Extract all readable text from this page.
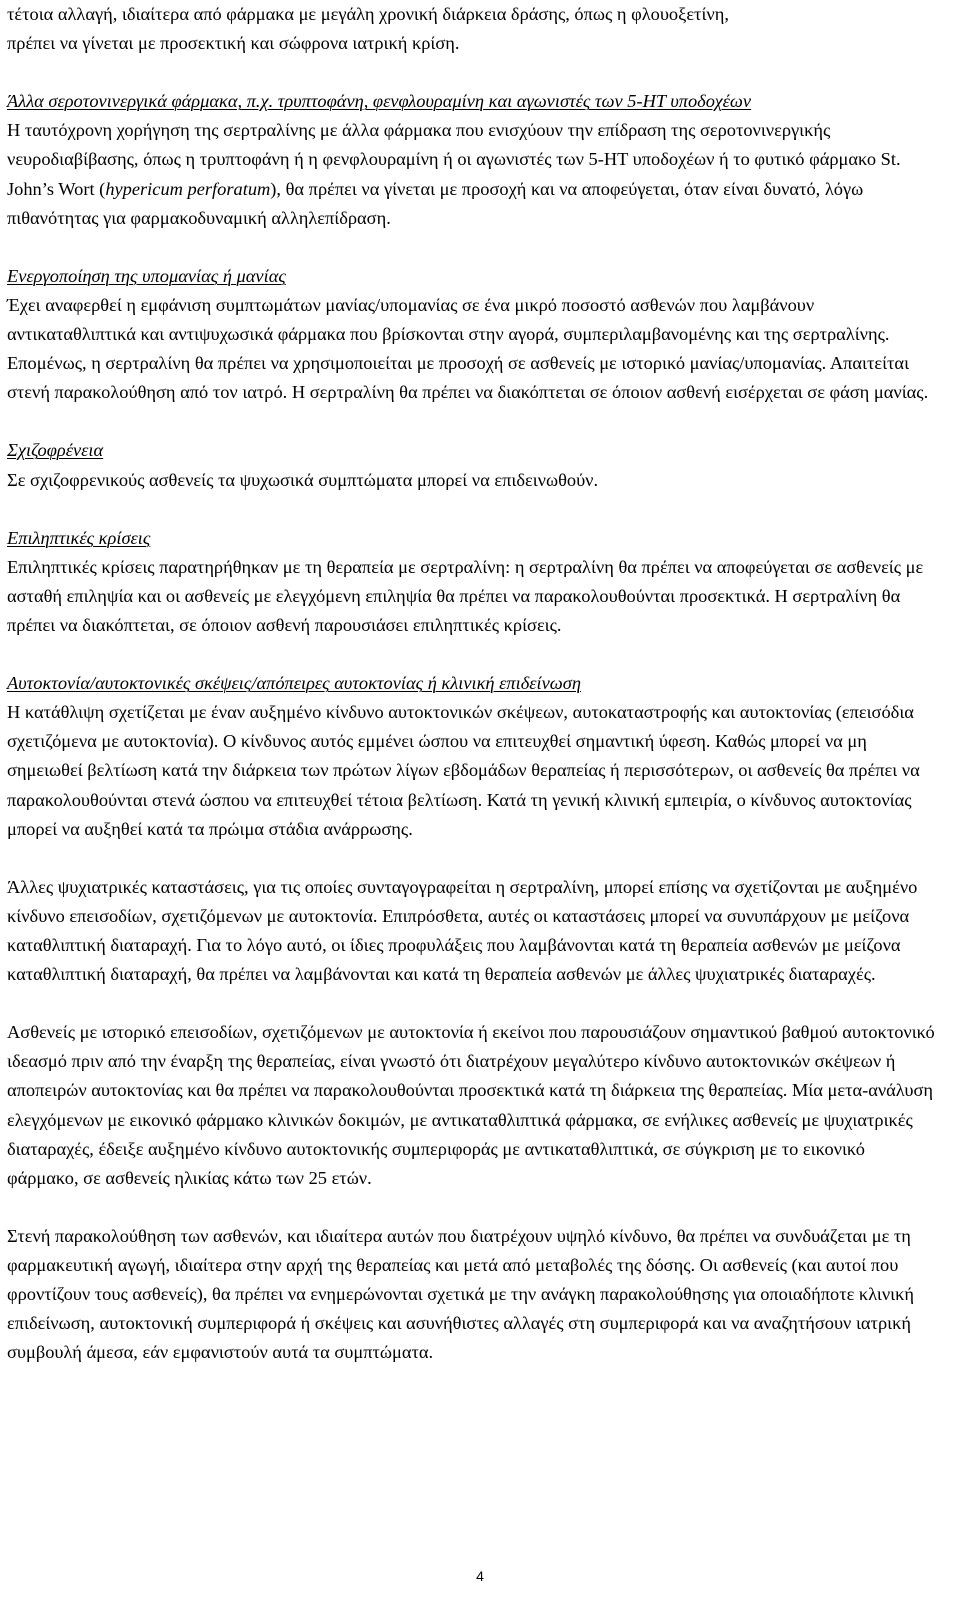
τέτοια αλλαγή, ιδιαίτερα από φάρμακα με μεγάλη χρονική διάρκεια δράσης, όπως η φλουοξετίνη,

πρέπει να γίνεται με προσεκτική και σώφρονα ιατρική κρίση.

Άλλα σεροτονινεργικά φάρμακα, π.χ. τρυπτοφάνη, φενφλουραμίνη και αγωνιστές των 5-HT υποδοχέων

Η ταυτόχρονη χορήγηση της σερτραλίνης με άλλα φάρμακα που ενισχύουν την επίδραση της σεροτονινεργικής νευροδιαβίβασης, όπως η τρυπτοφάνη ή η φενφλουραμίνη ή οι αγωνιστές των 5-HT υποδοχέων ή το φυτικό φάρμακο St. John’s Wort (hypericum perforatum), θα πρέπει να γίνεται με προσοχή και να αποφεύγεται, όταν είναι δυνατό, λόγω πιθανότητας για φαρμακοδυναμική αλληλεπίδραση.

Ενεργοποίηση της υπομανίας ή μανίας

Έχει αναφερθεί η εμφάνιση συμπτωμάτων μανίας/υπομανίας σε ένα μικρό ποσοστό ασθενών που λαμβάνουν αντικαταθλιπτικά και αντιψυχωσικά φάρμακα που βρίσκονται στην αγορά, συμπεριλαμβανομένης και της σερτραλίνης. Επομένως, η σερτραλίνη θα πρέπει να χρησιμοποιείται με προσοχή σε ασθενείς με ιστορικό μανίας/υπομανίας. Απαιτείται στενή παρακολούθηση από τον ιατρό. Η σερτραλίνη θα πρέπει να διακόπτεται σε όποιον ασθενή εισέρχεται σε φάση μανίας.

Σχιζοφρένεια

Σε σχιζοφρενικούς ασθενείς τα ψυχωσικά συμπτώματα μπορεί να επιδεινωθούν.

Επιληπτικές κρίσεις

Επιληπτικές κρίσεις παρατηρήθηκαν με τη θεραπεία με σερτραλίνη: η σερτραλίνη θα πρέπει να αποφεύγεται σε ασθενείς με ασταθή επιληψία και οι ασθενείς με ελεγχόμενη επιληψία θα πρέπει να παρακολουθούνται προσεκτικά. Η σερτραλίνη θα πρέπει να διακόπτεται, σε όποιον ασθενή παρουσιάσει επιληπτικές κρίσεις.

Αυτοκτονία/αυτοκτονικές σκέψεις/απόπειρες αυτοκτονίας ή κλινική επιδείνωση

Η κατάθλιψη σχετίζεται με έναν αυξημένο κίνδυνο αυτοκτονικών σκέψεων, αυτοκαταστροφής και αυτοκτονίας (επεισόδια σχετιζόμενα με αυτοκτονία). Ο κίνδυνος αυτός εμμένει ώσπου να επιτευχθεί σημαντική ύφεση. Καθώς μπορεί να μη σημειωθεί βελτίωση κατά την διάρκεια των πρώτων λίγων εβδομάδων θεραπείας ή περισσότερων, οι ασθενείς θα πρέπει να παρακολουθούνται στενά ώσπου να επιτευχθεί τέτοια βελτίωση. Κατά τη γενική κλινική εμπειρία, ο κίνδυνος αυτοκτονίας μπορεί να αυξηθεί κατά τα πρώιμα στάδια ανάρρωσης.

Άλλες ψυχιατρικές καταστάσεις, για τις οποίες συνταγογραφείται η σερτραλίνη, μπορεί επίσης να σχετίζονται με αυξημένο κίνδυνο επεισοδίων, σχετιζόμενων με αυτοκτονία. Επιπρόσθετα, αυτές οι καταστάσεις μπορεί να συνυπάρχουν με μείζονα καταθλιπτική διαταραχή. Για το λόγο αυτό, οι ίδιες προφυλάξεις που λαμβάνονται κατά τη θεραπεία ασθενών με μείζονα καταθλιπτική διαταραχή, θα πρέπει να λαμβάνονται και κατά τη θεραπεία ασθενών με άλλες ψυχιατρικές διαταραχές.

Ασθενείς με ιστορικό επεισοδίων, σχετιζόμενων με αυτοκτονία ή εκείνοι που παρουσιάζουν σημαντικού βαθμού αυτοκτονικό ιδεασμό πριν από την έναρξη της θεραπείας, είναι γνωστό ότι διατρέχουν μεγαλύτερο κίνδυνο αυτοκτονικών σκέψεων ή αποπειρών αυτοκτονίας και θα πρέπει να παρακολουθούνται προσεκτικά κατά τη διάρκεια της θεραπείας. Μία μετα-ανάλυση ελεγχόμενων με εικονικό φάρμακο κλινικών δοκιμών, με αντικαταθλιπτικά φάρμακα, σε ενήλικες ασθενείς με ψυχιατρικές διαταραχές, έδειξε αυξημένο κίνδυνο αυτοκτονικής συμπεριφοράς με αντικαταθλιπτικά, σε σύγκριση με το εικονικό φάρμακο, σε ασθενείς ηλικίας κάτω των 25 ετών.

Στενή παρακολούθηση των ασθενών, και ιδιαίτερα αυτών που διατρέχουν υψηλό κίνδυνο, θα πρέπει να συνδυάζεται με τη φαρμακευτική αγωγή, ιδιαίτερα στην αρχή της θεραπείας και μετά από μεταβολές της δόσης. Οι ασθενείς (και αυτοί που φροντίζουν τους ασθενείς), θα πρέπει να ενημερώνονται σχετικά με την ανάγκη παρακολούθησης για οποιαδήποτε κλινική επιδείνωση, αυτοκτονική συμπεριφορά ή σκέψεις και ασυνήθιστες αλλαγές στη συμπεριφορά και να αναζητήσουν ιατρική συμβουλή άμεσα, εάν εμφανιστούν αυτά τα συμπτώματα.

4
